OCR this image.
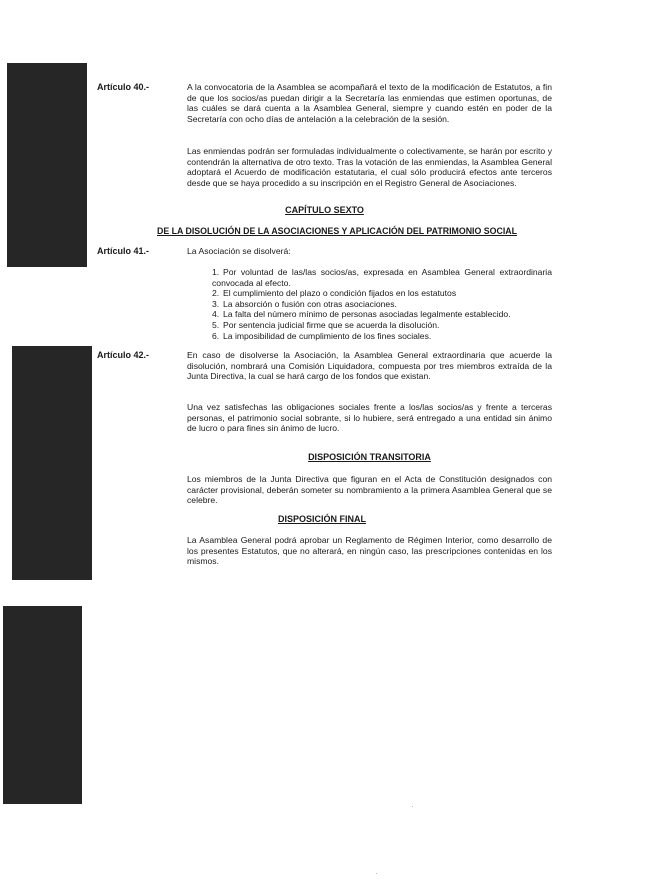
Artículo 40.-	A la convocatoria de la Asamblea se acompañará el texto de la modificación de Estatutos, a fin de que los socios/as puedan dirigir a la Secretaría las enmiendas que estimen oportunas, de las cuáles se dará cuenta a la Asamblea General, siempre y cuando estén en poder de la Secretaría con ocho días de antelación a la celebración de la sesión.
Las enmiendas podrán ser formuladas individualmente o colectivamente, se harán por escrito y contendrán la alternativa de otro texto. Tras la votación de las enmiendas, la Asamblea General adoptará el Acuerdo de modificación estatutaria, el cual sólo producirá efectos ante terceros desde que se haya procedido a su inscripción en el Registro General de Asociaciones.
CAPÍTULO SEXTO
DE LA DISOLUCIÓN DE LA ASOCIACIONES Y APLICACIÓN DEL PATRIMONIO SOCIAL
Artículo 41.-	La Asociación se disolverá:
1. Por voluntad de las/las socios/as, expresada en Asamblea General extraordinaria convocada al efecto.
2. El cumplimiento del plazo o condición fijados en los estatutos
3. La absorción o fusión con otras asociaciones.
4. La falta del número mínimo de personas asociadas legalmente establecido.
5. Por sentencia judicial firme que se acuerda la disolución.
6. La imposibilidad de cumplimiento de los fines sociales.
Artículo 42.-	En caso de disolverse la Asociación, la Asamblea General extraordinaria que acuerde la disolución, nombrará una Comisión Liquidadora, compuesta por tres miembros extraída de la Junta Directiva, la cual se hará cargo de los fondos que existan.
Una vez satisfechas las obligaciones sociales frente a los/las socios/as y frente a terceras personas, el patrimonio social sobrante, si lo hubiere, será entregado a una entidad sin ánimo de lucro o para fines sin ánimo de lucro.
DISPOSICIÓN TRANSITORIA
Los miembros de la Junta Directiva que figuran en el Acta de Constitución designados con carácter provisional, deberán someter su nombramiento a la primera Asamblea General que se celebre.
DISPOSICIÓN FINAL
La Asamblea General podrá aprobar un Reglamento de Régimen Interior, como desarrollo de los presentes Estatutos, que no alterará, en ningún caso, las prescripciones contenidas en los mismos.
